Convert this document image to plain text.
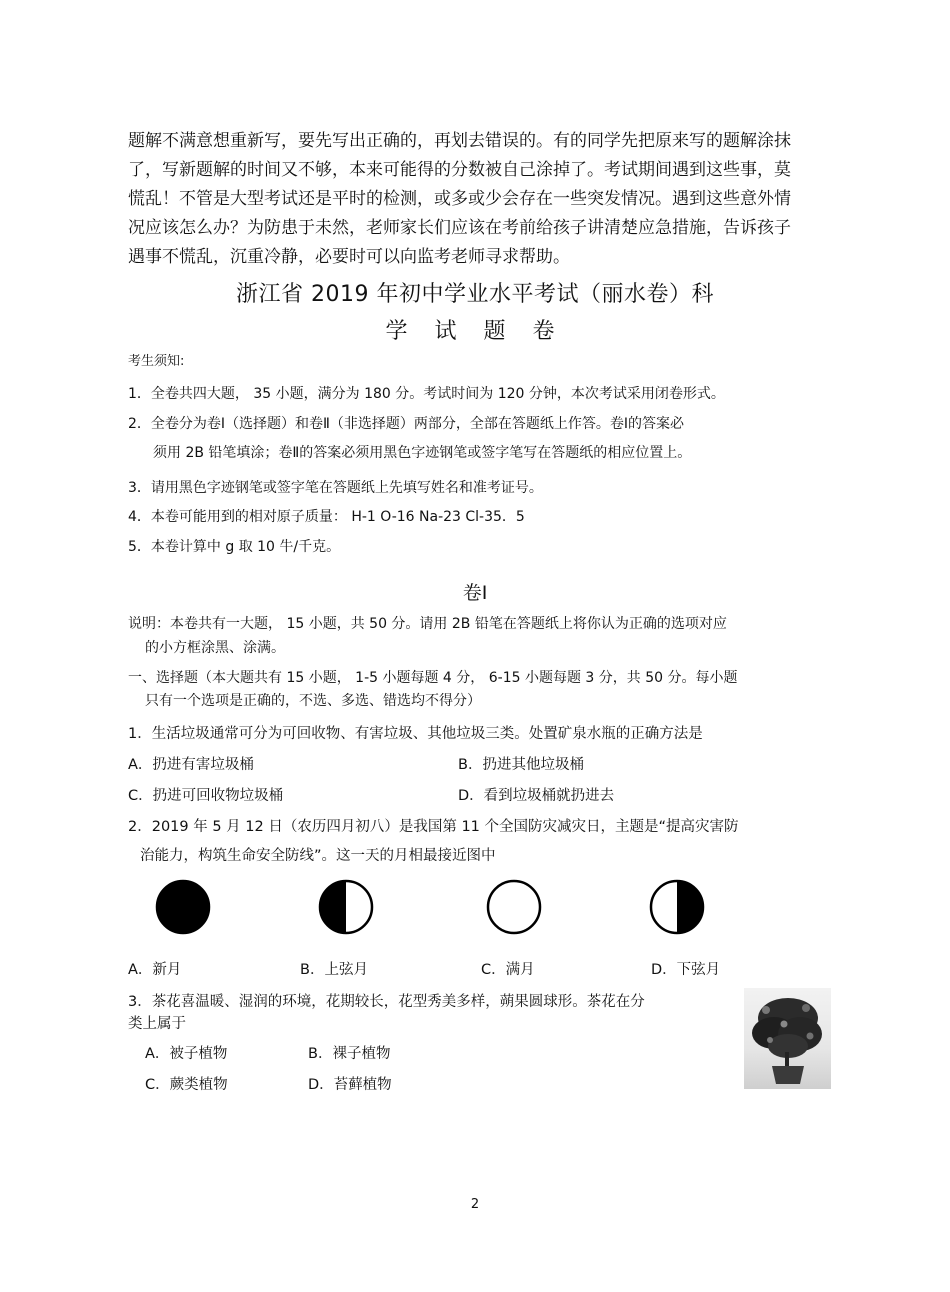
题解不满意想重新写，要先写出正确的，再划去错误的。有的同学先把原来写的题解涂抹
了，写新题解的时间又不够，本来可能得的分数被自己涂掉了。考试期间遇到这些事，莫
慌乱！不管是大型考试还是平时的检测，或多或少会存在一些突发情况。遇到这些意外情
况应该怎么办？为防患于未然，老师家长们应该在考前给孩子讲清楚应急措施，告诉孩子
遇事不慌乱，沉重冷静，必要时可以向监考老师寻求帮助。
浙江省 2019 年初中学业水平考试（丽水卷）科
学 试 题 卷
考生须知:
1．全卷共四大题， 35 小题，满分为 180 分。考试时间为 120 分钟，本次考试采用闭卷形式。
2．全卷分为卷Ⅰ（选择题）和卷Ⅱ（非选择题）两部分，全部在答题纸上作答。卷Ⅰ的答案必
须用 2B 铅笔填涂；卷Ⅱ的答案必须用黑色字迹钢笔或签字笔写在答题纸的相应位置上。
3．请用黑色字迹钢笔或签字笔在答题纸上先填写姓名和准考证号。
4．本卷可能用到的相对原子质量： H-1 O-16 Na-23 Cl-35．5
5．本卷计算中 g 取 10 牛/千克。
卷Ⅰ
说明：本卷共有一大题， 15 小题，共 50 分。请用 2B 铅笔在答题纸上将你认为正确的选项对应
的小方框涂黑、涂满。
一、选择题（本大题共有 15 小题， 1-5 小题每题 4 分， 6-15 小题每题 3 分，共 50 分。每小题
只有一个选项是正确的，不选、多选、错选均不得分）
1．生活垃圾通常可分为可回收物、有害垃圾、其他垃圾三类。处置矿泉水瓶的正确方法是
A．扔进有害垃圾桶	B．扔进其他垃圾桶
C．扔进可回收物垃圾桶	D．看到垃圾桶就扔进去
2．2019 年 5 月 12 日（农历四月初八）是我国第 11 个全国防灾减灾日，主题是“提高灾害防
治能力，构筑生命安全防线”。这一天的月相最接近图中
A．新月	B．上弦月	C．满月	D．下弦月
3．茶花喜温暖、湿润的环境，花期较长，花型秀美多样，蒴果圆球形。茶花在分
类上属于
A．被子植物	B．裸子植物
C．蕨类植物	D．苔藓植物
2
